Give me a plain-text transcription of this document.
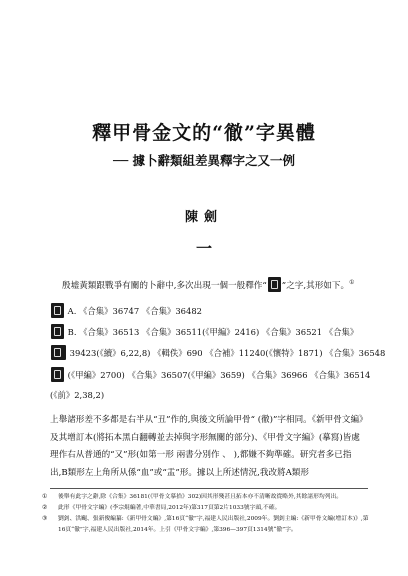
釋甲骨金文的“徹”字異體
── 據卜辭類組差異釋字之又一例
陳劍
一
殷墟黃類跟戰爭有關的卜辭中,多次出現一個一般釋作“ ”之字,其形如下。①
A. 《合集》36747 《合集》36482
B. 《合集》36513 《合集》36511(《甲編》2416) 《合集》36521 《合集》
39423(《續》6,22,8) 《輯佚》690 《合補》11240(《懷特》1871) 《合集》36548
(《甲編》2700) 《合集》36507(《甲編》3659) 《合集》36966 《合集》36514
(《前》2,38,2)
上舉諸形差不多都是右半从“丑”作的,與後文所論甲骨“ (徹)”字相同。《新甲骨文編》及其增訂本(將拓本黑白翻轉並去掉與字形無關的部分)、《甲骨文字編》(摹寫)皆處理作右从普通的“又”形(如第一形 兩書分別作 、 ),都嫌不夠準確。研究者多已指出,B類形左上角所从係“血”或“盂”形。據以上所述情況,我改將A類形
①	後舉有此字之辭,除《合集》36181(《甲骨文摹拾》302)因其形殘甚且拓本亦不清晰故從略外,其餘諸形均列出。
②	此形《甲骨文字編》(李宗焜編著,中華書局,2012年)第317頁第2片1033號字頭,不確。
③	劉釗、洪颺、張新俊編纂:《新甲骨文編》,第16頁“徹”字,福建人民出版社,2009年。劉釗主編:《新甲骨文編(增訂本)》,第16頁“徹”字,福建人民出版社,2014年。上引《甲骨文字編》,第396—397頁1314號“徹”字。
